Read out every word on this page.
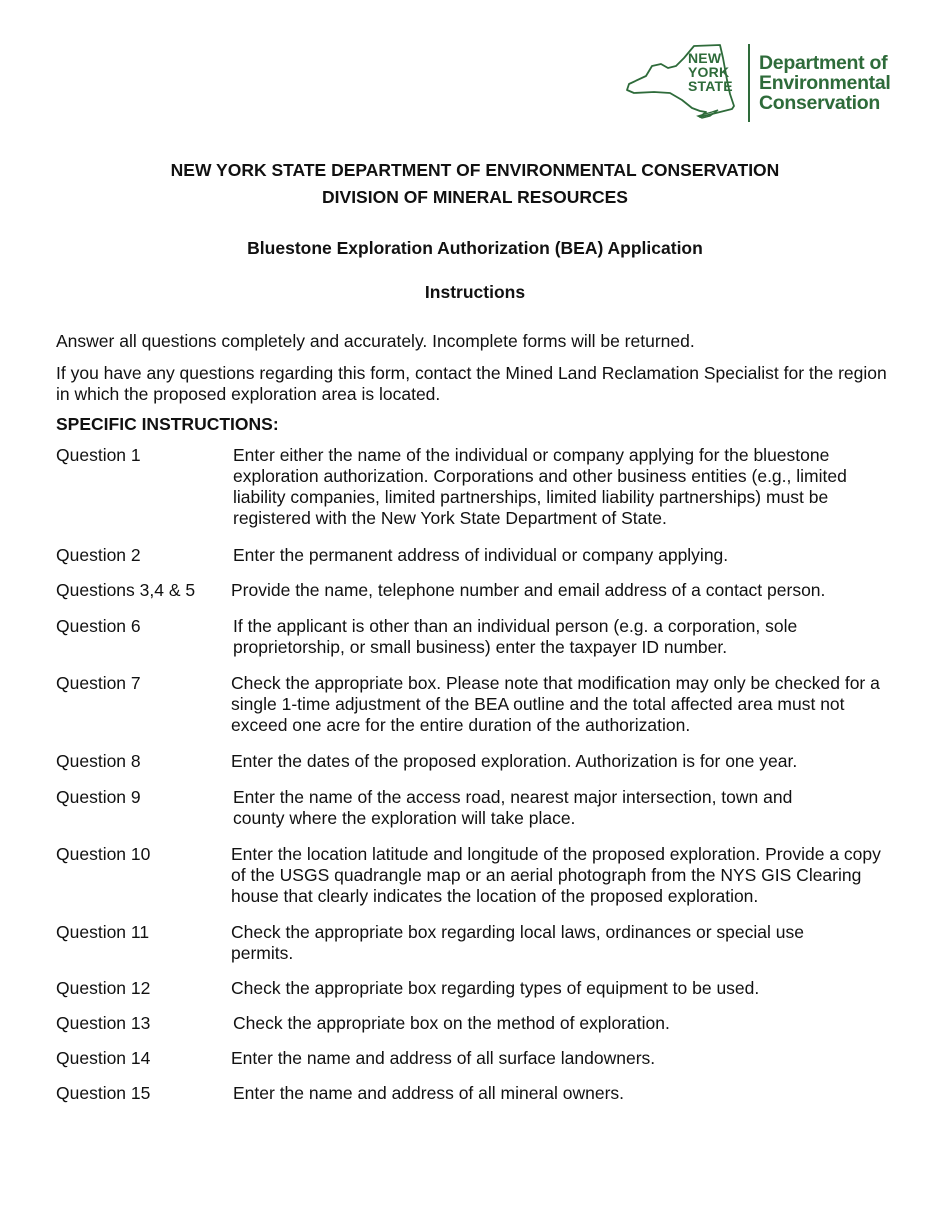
NEW
YORK
STATE
Department of
Environmental
Conservation
NEW YORK STATE DEPARTMENT OF ENVIRONMENTAL CONSERVATION
DIVISION OF MINERAL RESOURCES
Bluestone Exploration Authorization (BEA) Application
Instructions
Answer all questions completely and accurately. Incomplete forms will be returned.
If you have any questions regarding this form, contact the Mined Land Reclamation Specialist for the region in which the proposed exploration area is located.
SPECIFIC INSTRUCTIONS:
Question 1	Enter either the name of the individual or company applying for the bluestone exploration authorization. Corporations and other business entities (e.g., limited liability companies, limited partnerships, limited liability partnerships) must be registered with the New York State Department of State.
Question 2	Enter the permanent address of individual or company applying.
Questions 3,4 & 5 Provide the name, telephone number and email address of a contact person.
Question 6	If the applicant is other than an individual person (e.g. a corporation, sole proprietorship, or small business) enter the taxpayer ID number.
Question 7	Check the appropriate box. Please note that modification may only be checked for a single 1-time adjustment of the BEA outline and the total affected area must not exceed one acre for the entire duration of the authorization.
Question 8	Enter the dates of the proposed exploration. Authorization is for one year.
Question 9	Enter the name of the access road, nearest major intersection, town and county where the exploration will take place.
Question 10	Enter the location latitude and longitude of the proposed exploration. Provide a copy of the USGS quadrangle map or an aerial photograph from the NYS GIS Clearing house that clearly indicates the location of the proposed exploration.
Question 11	Check the appropriate box regarding local laws, ordinances or special use permits.
Question 12	Check the appropriate box regarding types of equipment to be used.
Question 13	Check the appropriate box on the method of exploration.
Question 14	Enter the name and address of all surface landowners.
Question 15	Enter the name and address of all mineral owners.
